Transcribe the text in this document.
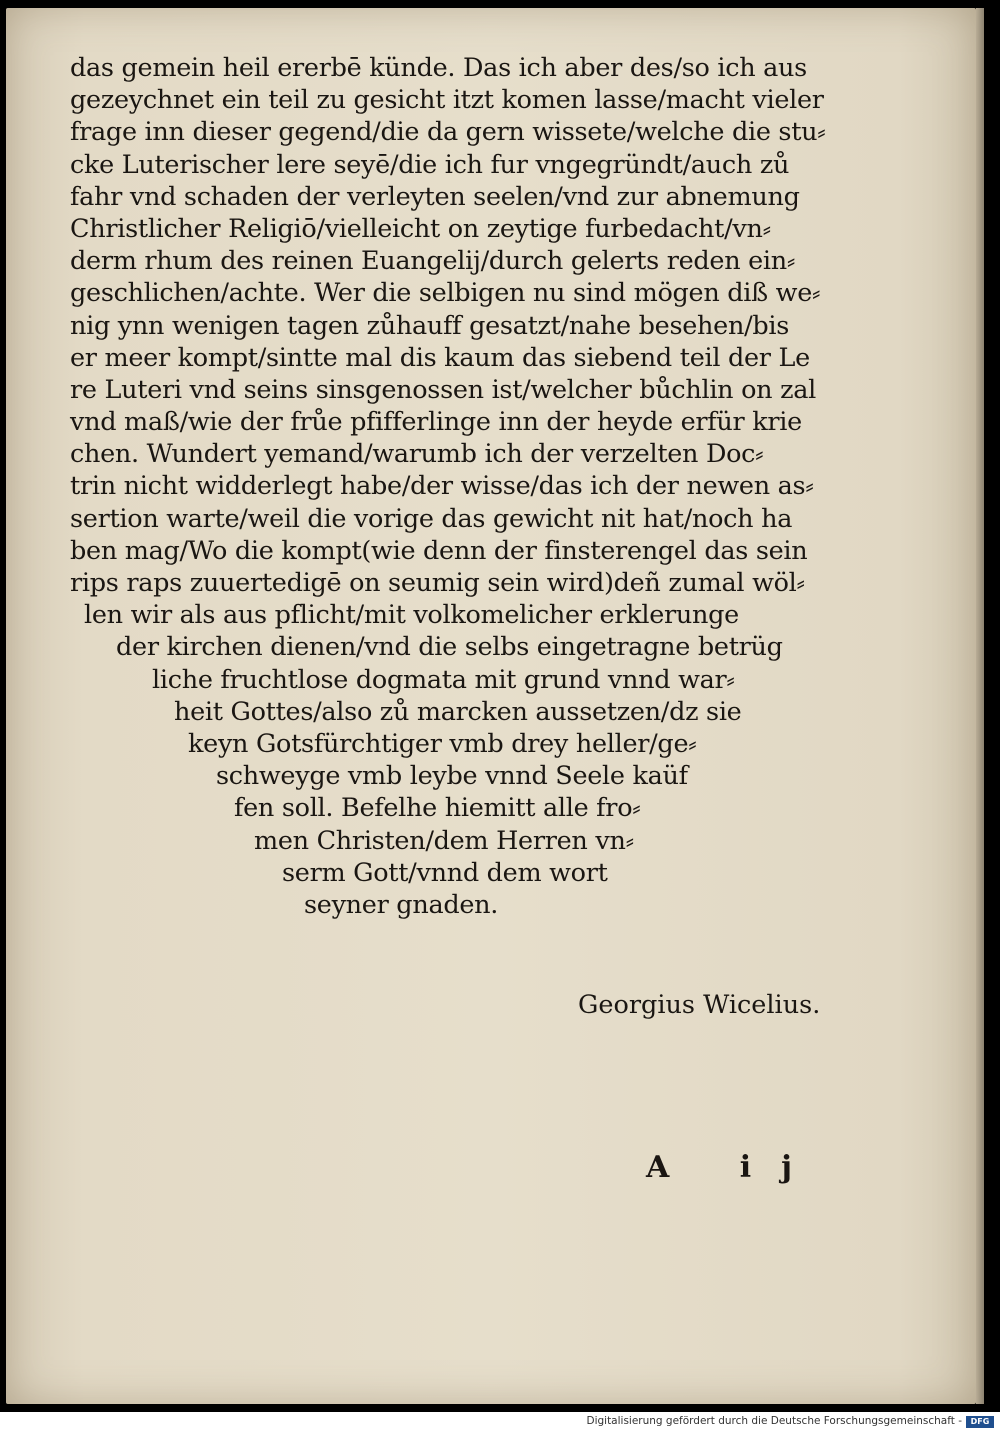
das gemein heil ererbē künde. Das ich aber des/so ich aus
gezeychnet ein teil zu gesicht itzt komen lasse/macht vieler
frage inn dieser gegend/die da gern wissete/welche die stu⸗
cke Luterischer lere seyē/die ich fur vngegründt/auch zů
fahr vnd schaden der verleyten seelen/vnd zur abnemung
Christlicher Religiō/vielleicht on zeytige furbedacht/vn⸗
derm rhum des reinen Euangelij/durch gelerts reden ein⸗
geschlichen/achte. Wer die selbigen nu sind mögen diß we⸗
nig ynn wenigen tagen zůhauff gesatzt/nahe besehen/bis
er meer kompt/sintte mal dis kaum das siebend teil der Le
re Luteri vnd seins sinsgenossen ist/welcher bůchlin on zal
vnd maß/wie der frůe pfifferlinge inn der heyde erfür krie
chen. Wundert yemand/warumb ich der verzelten Doc⸗
trin nicht widderlegt habe/der wisse/das ich der newen as⸗
sertion warte/weil die vorige das gewicht nit hat/noch ha
ben mag/Wo die kompt(wie denn der finsterengel das sein
rips raps zuuertedigē on seumig sein wird)deñ zumal wöl⸗
len wir als aus pflicht/mit volkomelicher erklerunge
der kirchen dienen/vnd die selbs eingetragne betrüg
liche fruchtlose dogmata mit grund vnnd war⸗
heit Gottes/also zů marcken aussetzen/dz sie
keyn Gotsfürchtiger vmb drey heller/ge⸗
schweyge vmb leybe vnnd Seele kaüf
fen soll. Befelhe hiemitt alle fro⸗
men Christen/dem Herren vn⸗
serm Gott/vnnd dem wort
seyner gnaden.
Georgius Wicelius.
A ij
Digitalisierung gefördert durch die Deutsche Forschungsgemeinschaft -	DFG
